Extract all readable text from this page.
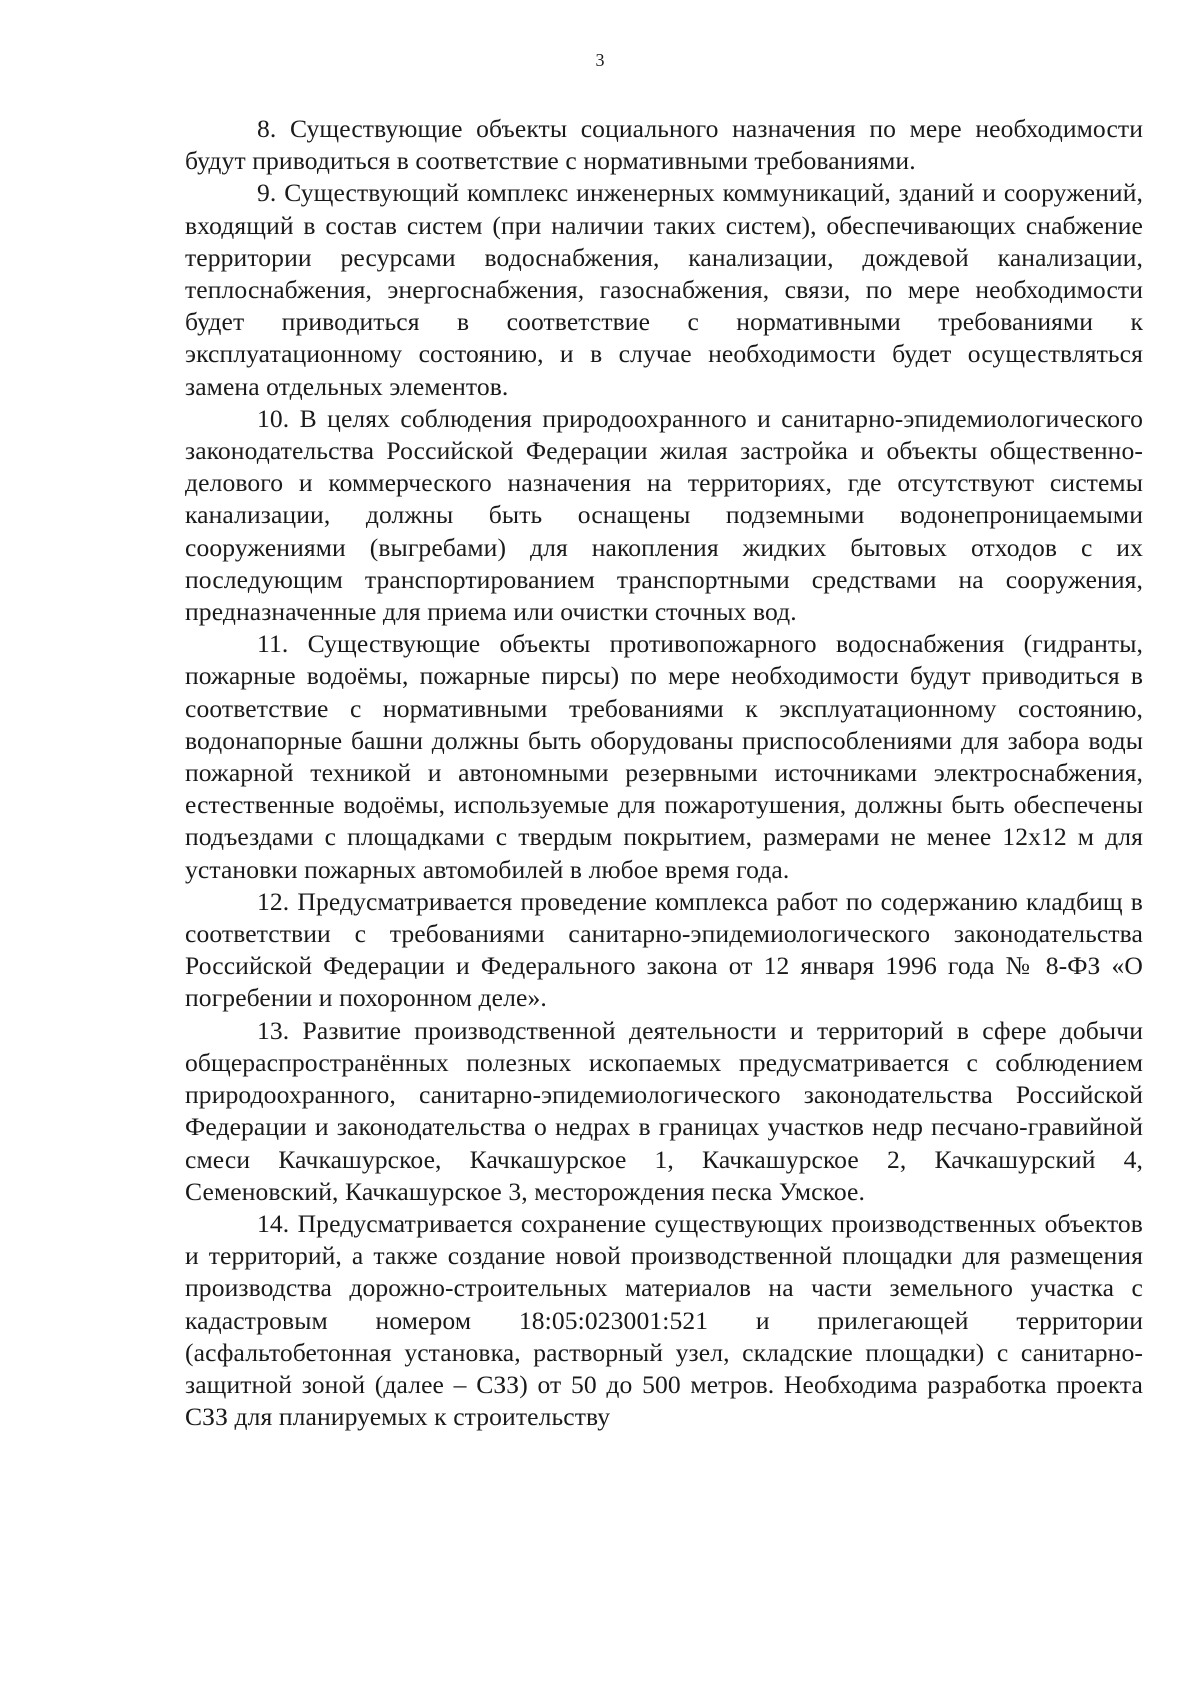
3

8. Существующие объекты социального назначения по мере необходимости будут приводиться в соответствие с нормативными требованиями.

9. Существующий комплекс инженерных коммуникаций, зданий и сооружений, входящий в состав систем (при наличии таких систем), обеспечивающих снабжение территории ресурсами водоснабжения, канализации, дождевой канализации, теплоснабжения, энергоснабжения, газоснабжения, связи, по мере необходимости будет приводиться в соответствие с нормативными требованиями к эксплуатационному состоянию, и в случае необходимости будет осуществляться замена отдельных элементов.

10. В целях соблюдения природоохранного и санитарно-эпидемиологического законодательства Российской Федерации жилая застройка и объекты общественно-делового и коммерческого назначения на территориях, где отсутствуют системы канализации, должны быть оснащены подземными водонепроницаемыми сооружениями (выгребами) для накопления жидких бытовых отходов с их последующим транспортированием транспортными средствами на сооружения, предназначенные для приема или очистки сточных вод.

11. Существующие объекты противопожарного водоснабжения (гидранты, пожарные водоёмы, пожарные пирсы) по мере необходимости будут приводиться в соответствие с нормативными требованиями к эксплуатационному состоянию, водонапорные башни должны быть оборудованы приспособлениями для забора воды пожарной техникой и автономными резервными источниками электроснабжения, естественные водоёмы, используемые для пожаротушения, должны быть обеспечены подъездами с площадками с твердым покрытием, размерами не менее 12х12 м для установки пожарных автомобилей в любое время года.

12. Предусматривается проведение комплекса работ по содержанию кладбищ в соответствии с требованиями санитарно-эпидемиологического законодательства Российской Федерации и Федерального закона от 12 января 1996 года № 8-ФЗ «О погребении и похоронном деле».

13. Развитие производственной деятельности и территорий в сфере добычи общераспространённых полезных ископаемых предусматривается с соблюдением природоохранного, санитарно-эпидемиологического законодательства Российской Федерации и законодательства о недрах в границах участков недр песчано-гравийной смеси Качкашурское, Качкашурское 1, Качкашурское 2, Качкашурский 4, Семеновский, Качкашурское 3, месторождения песка Умское.

14. Предусматривается сохранение существующих производственных объектов и территорий, а также создание новой производственной площадки для размещения производства дорожно-строительных материалов на части земельного участка с кадастровым номером 18:05:023001:521 и прилегающей территории (асфальтобетонная установка, растворный узел, складские площадки) с санитарно-защитной зоной (далее – СЗЗ) от 50 до 500 метров. Необходима разработка проекта СЗЗ для планируемых к строительству
